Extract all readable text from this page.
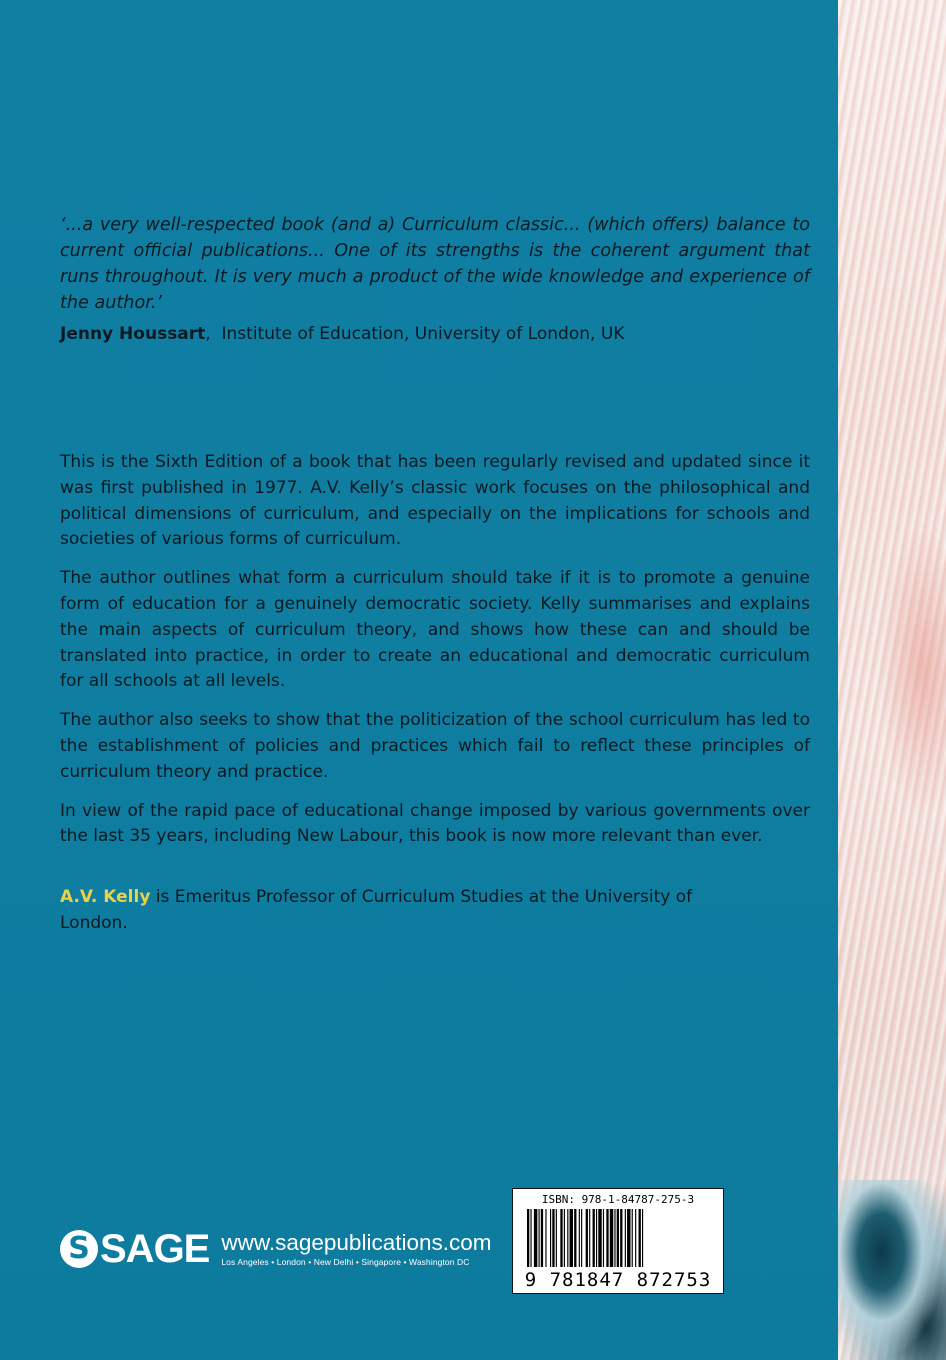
‘...a very well-respected book (and a) Curriculum classic... (which offers) balance to current official publications... One of its strengths is the coherent argument that runs throughout. It is very much a product of the wide knowledge and experience of the author.’
Jenny Houssart,  Institute of Education, University of London, UK

This is the Sixth Edition of a book that has been regularly revised and updated since it was first published in 1977. A.V. Kelly’s classic work focuses on the philosophical and political dimensions of curriculum, and especially on the implications for schools and societies of various forms of curriculum.

The author outlines what form a curriculum should take if it is to promote a genuine form of education for a genuinely democratic society. Kelly summarises and explains the main aspects of curriculum theory, and shows how these can and should be translated into practice, in order to create an educational and democratic curriculum for all schools at all levels.

The author also seeks to show that the politicization of the school curriculum has led to the establishment of policies and practices which fail to reflect these principles of curriculum theory and practice.

In view of the rapid pace of educational change imposed by various governments over the last 35 years, including New Labour, this book is now more relevant than ever.

A.V. Kelly is Emeritus Professor of Curriculum Studies at the University of London.
S SAGE www.sagepublications.com
Los Angeles • London • New Delhi • Singapore • Washington DC
ISBN: 978-1-84787-275-3
9 781847 872753
